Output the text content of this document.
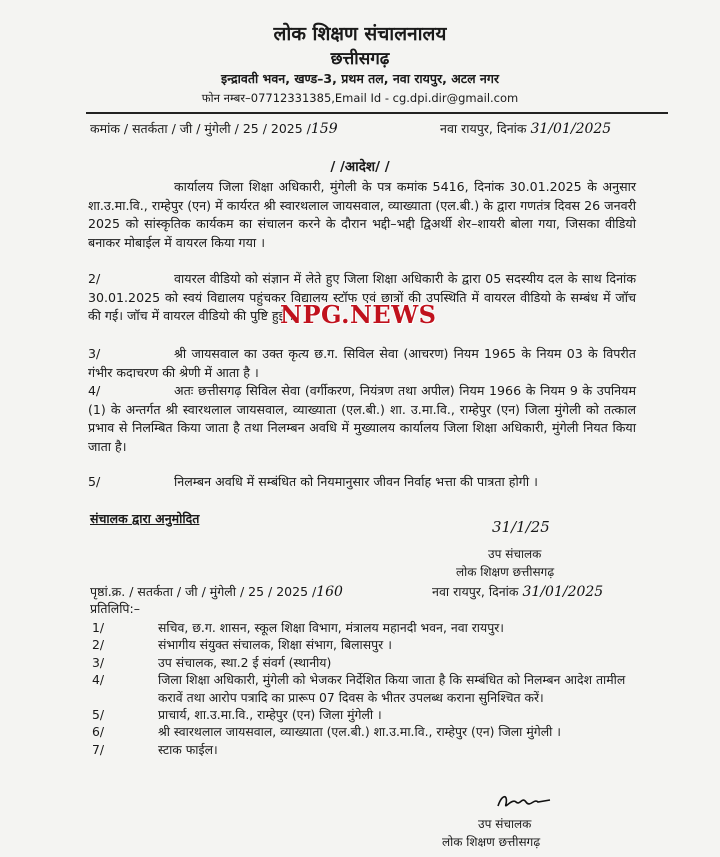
लोक शिक्षण संचालनालय
छत्तीसगढ़
इन्द्रावती भवन, खण्ड–3, प्रथम तल, नवा रायपुर, अटल नगर
फोन नम्बर–07712331385,Email Id - cg.dpi.dir@gmail.com
कमांक / सतर्कता / जी / मुंगेली / 25 / 2025 /159	नवा रायपुर, दिनांक 31/01/2025
/ /आदेश/ /

कार्यालय जिला शिक्षा अधिकारी, मुंगेली के पत्र कमांक 5416, दिनांक 30.01.2025 के अनुसार शा.उ.मा.वि., राम्हेपुर (एन) में कार्यरत श्री स्वारथलाल जायसवाल, व्याख्याता (एल.बी.) के द्वारा गणतंत्र दिवस 26 जनवरी 2025 को सांस्कृतिक कार्यकम का संचालन करने के दौरान भद्दी–भद्दी द्विअर्थी शेर–शायरी बोला गया, जिसका वीडियो बनाकर मोबाईल में वायरल किया गया ।

2/	वायरल वीडियो को संज्ञान में लेते हुए जिला शिक्षा अधिकारी के द्वारा 05 सदस्यीय दल के साथ दिनांक 30.01.2025 को स्वयं विद्यालय पहुंचकर विद्यालय स्टॉफ एवं छात्रों की उपस्थिति में वायरल वीडियो के सम्बंध में जॉच की गई। जॉच में वायरल वीडियो की पुष्टि हुई ।

3/	श्री जायसवाल का उक्त कृत्य छ.ग. सिविल सेवा (आचरण) नियम 1965 के नियम 03 के विपरीत गंभीर कदाचरण की श्रेणी में आता है ।

4/	अतः छत्तीसगढ़ सिविल सेवा (वर्गीकरण, नियंत्रण तथा अपील) नियम 1966 के नियम 9 के उपनियम (1) के अन्तर्गत श्री स्वारथलाल जायसवाल, व्याख्याता (एल.बी.) शा. उ.मा.वि., राम्हेपुर (एन) जिला मुंगेली को तत्काल प्रभाव से निलम्बित किया जाता है तथा निलम्बन अवधि में मुख्यालय कार्यालय जिला शिक्षा अधिकारी, मुंगेली नियत किया जाता है।

5/	निलम्बन अवधि में सम्बंधित को नियमानुसार जीवन निर्वाह भत्ता की पात्रता होगी ।

NPG.NEWS
संचालक द्वारा अनुमोदित	31/1/25
उप संचालक
लोक शिक्षण छत्तीसगढ़
पृष्ठां.क्र. / सतर्कता / जी / मुंगेली / 25 / 2025 /160	नवा रायपुर, दिनांक 31/01/2025
प्रतिलिपि:–
1/	सचिव, छ.ग. शासन, स्कूल शिक्षा विभाग, मंत्रालय महानदी भवन, नवा रायपुर।
2/	संभागीय संयुक्त संचालक, शिक्षा संभाग, बिलासपुर ।
3/	उप संचालक, स्था.2 ई संवर्ग (स्थानीय)
4/	जिला शिक्षा अधिकारी, मुंगेली को भेजकर निर्देशित किया जाता है कि सम्बंधित को निलम्बन आदेश तामील करावें तथा आरोप पत्रादि का प्रारूप 07 दिवस के भीतर उपलब्ध कराना सुनिश्चित करें।
5/	प्राचार्य, शा.उ.मा.वि., राम्हेपुर (एन) जिला मुंगेली ।
6/	श्री स्वारथलाल जायसवाल, व्याख्याता (एल.बी.) शा.उ.मा.वि., राम्हेपुर (एन) जिला मुंगेली ।
7/	स्टाक फाईल।
उप संचालक
लोक शिक्षण छत्तीसगढ़
